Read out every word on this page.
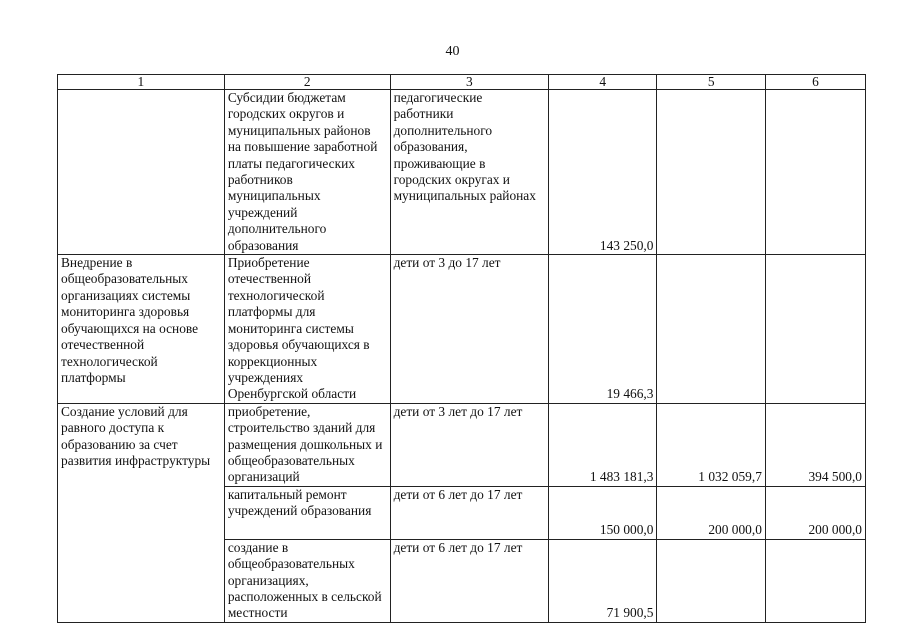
40
1	2	3	4	5	6
	Субсидии бюджетам городских округов и муниципальных районов на повышение заработной платы педагогических работников муниципальных учреждений дополнительного образования	педагогические работники дополнительного образования, проживающие в городских округах и муниципальных районах	143 250,0		
Внедрение в общеобразовательных организациях системы мониторинга здоровья обучающихся на основе отечественной технологической платформы	Приобретение отечественной технологической платформы для мониторинга системы здоровья обучающихся в коррекционных учреждениях Оренбургской области	дети от 3 до 17 лет	19 466,3		
Создание условий для равного доступа к образованию за счет развития инфраструктуры	приобретение, строительство зданий для размещения дошкольных и общеобразовательных организаций	дети от 3 лет до 17 лет	1 483 181,3	1 032 059,7	394 500,0
	капитальный ремонт учреждений образования	дети от 6 лет до 17 лет	150 000,0	200 000,0	200 000,0
	создание в общеобразовательных организациях, расположенных в сельской местности	дети от 6 лет до 17 лет	71 900,5		
